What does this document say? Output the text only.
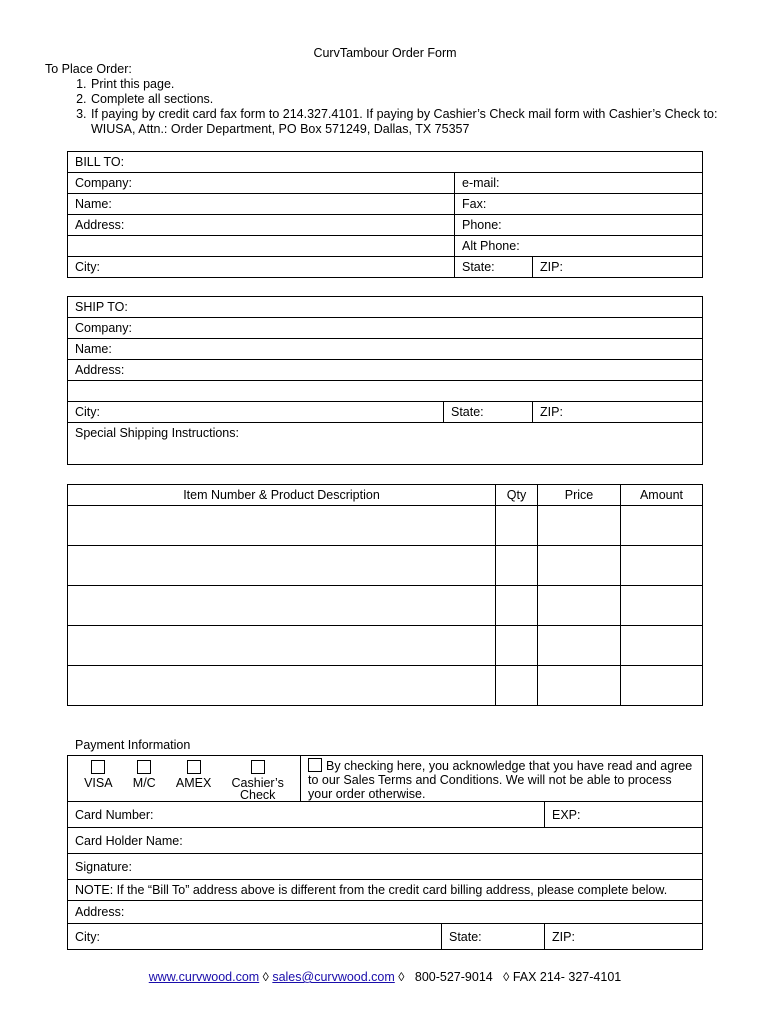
CurvTambour Order Form
To Place Order:
1. Print this page.
2. Complete all sections.
3. If paying by credit card fax form to 214.327.4101. If paying by Cashier’s Check mail form with Cashier’s Check to: WIUSA, Attn.: Order Department, PO Box 571249, Dallas, TX 75357
BILL TO:		
Company:	e-mail:	
Name:	Fax:	
Address:	Phone:	
	Alt Phone:	
City:	State:	ZIP:
SHIP TO:
Company:
Name:
Address:

City:	State:	ZIP:
Special Shipping Instructions:
Item Number & Product Description	Qty	Price	Amount

Payment Information
VISA M/C AMEX Cashier’s
Check	By checking here, you acknowledge that you have read and agree to our Sales Terms and Conditions. We will not be able to process your order otherwise.		
Card Number:			EXP:
Card Holder Name:			
Signature:			
NOTE: If the “Bill To” address above is different from the credit card billing address, please complete below.			
Address:			
City:		State:	ZIP:
www.curvwood.com ◊ sales@curvwood.com ◊   800-527-9014   ◊ FAX 214- 327-4101
